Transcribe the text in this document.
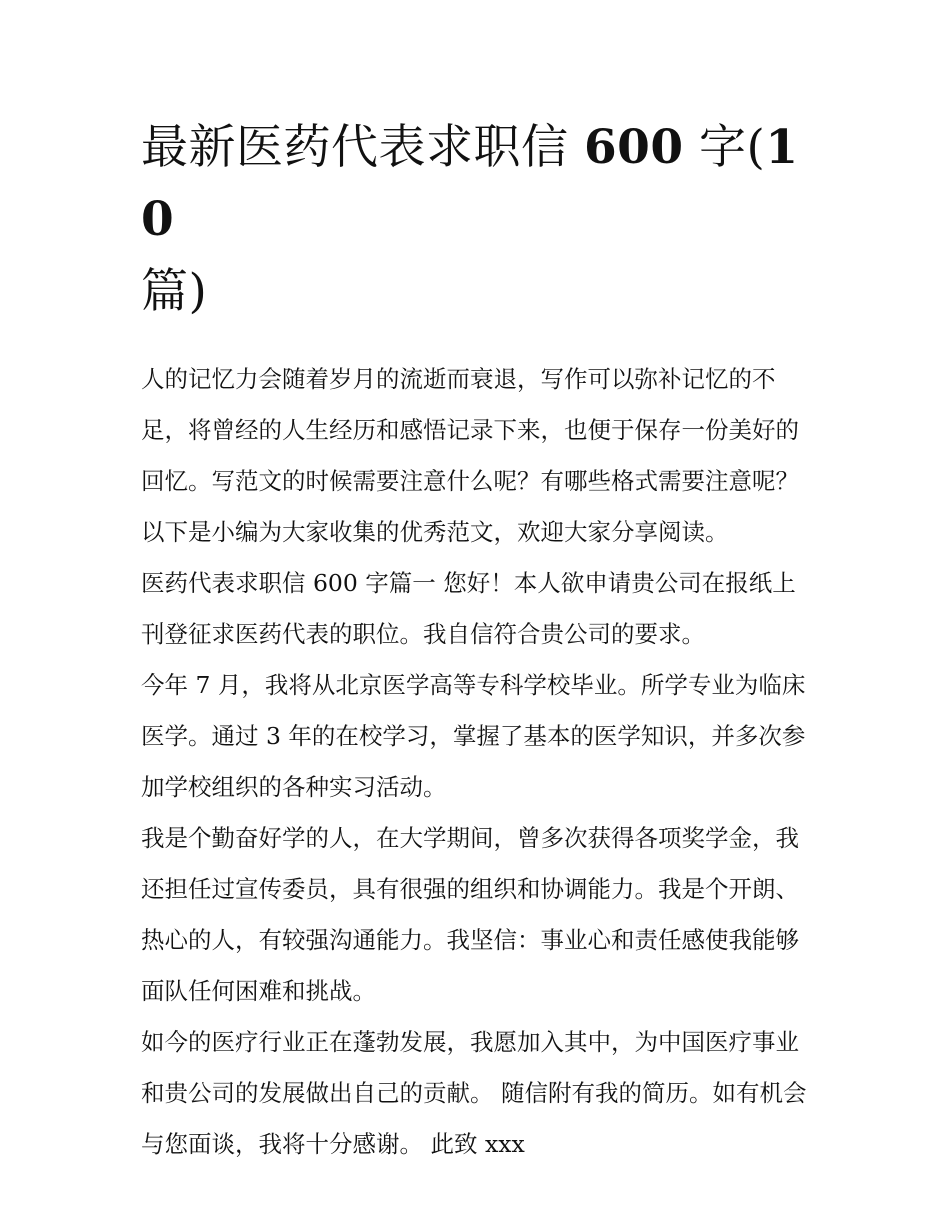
最新医药代表求职信 600 字(10
篇)

人的记忆力会随着岁月的流逝而衰退，写作可以弥补记忆的不足，将曾经的人生经历和感悟记录下来，也便于保存一份美好的回忆。写范文的时候需要注意什么呢？有哪些格式需要注意呢？以下是小编为大家收集的优秀范文，欢迎大家分享阅读。

医药代表求职信 600 字篇一 您好！本人欲申请贵公司在报纸上刊登征求医药代表的职位。我自信符合贵公司的要求。

今年 7 月，我将从北京医学高等专科学校毕业。所学专业为临床医学。通过 3 年的在校学习，掌握了基本的医学知识，并多次参加学校组织的各种实习活动。

我是个勤奋好学的人，在大学期间，曾多次获得各项奖学金，我还担任过宣传委员，具有很强的组织和协调能力。我是个开朗、热心的人，有较强沟通能力。我坚信：事业心和责任感使我能够面队任何困难和挑战。

如今的医疗行业正在蓬勃发展，我愿加入其中，为中国医疗事业和贵公司的发展做出自己的贡献。 随信附有我的简历。如有机会与您面谈，我将十分感谢。 此致 xxx
